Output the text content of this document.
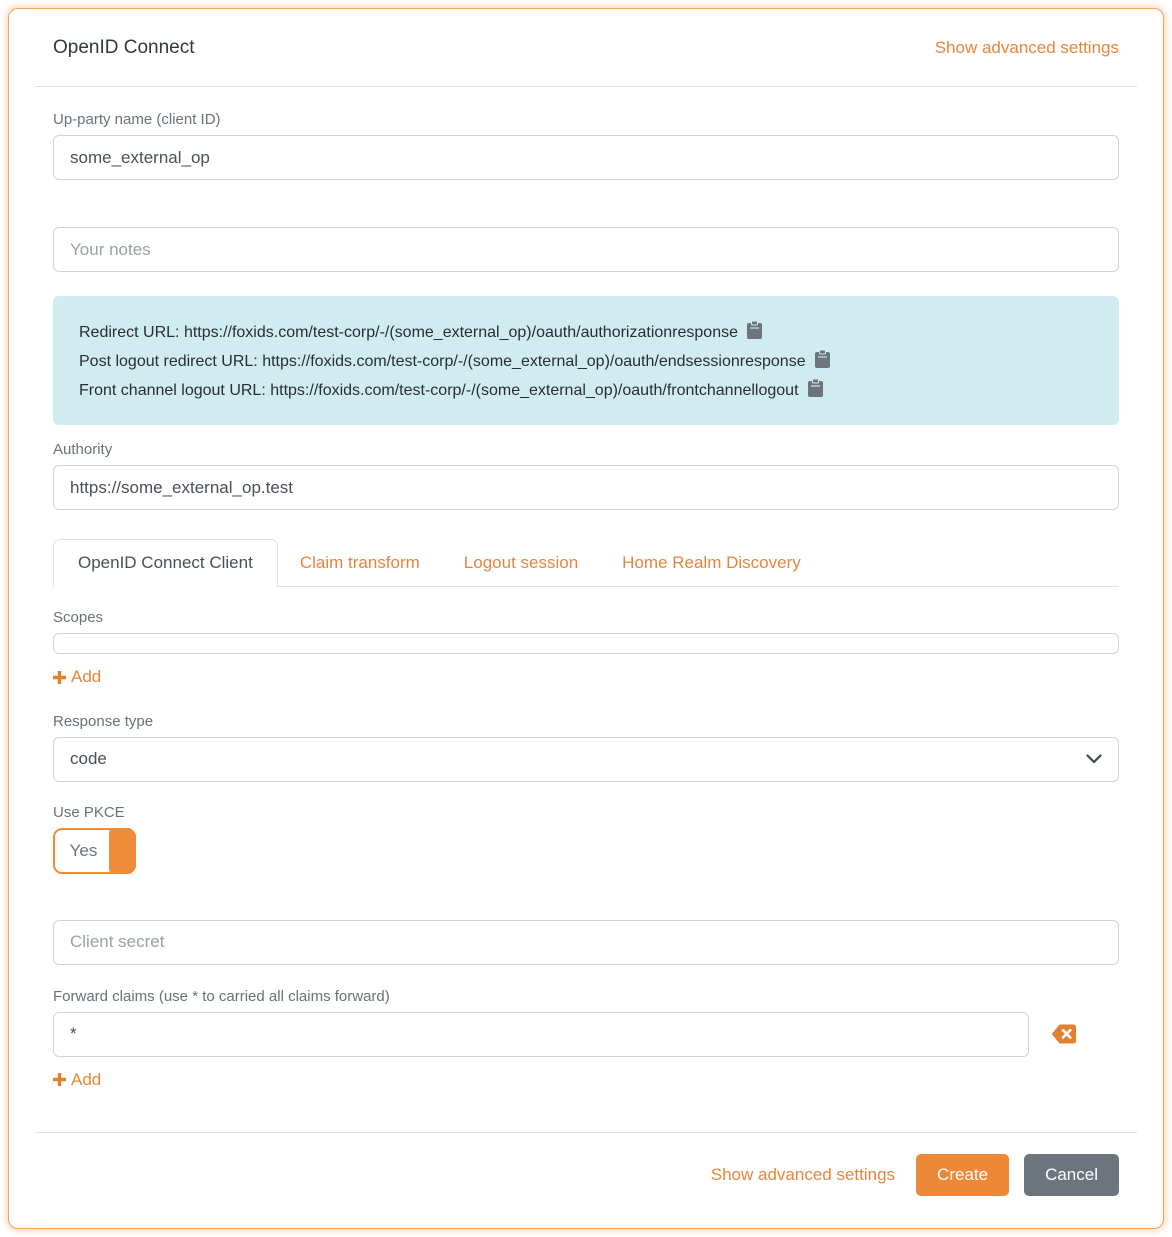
OpenID Connect	Show advanced settings
Up-party name (client ID)
some_external_op
Your notes
Redirect URL: https://foxids.com/test-corp/-/(some_external_op)/oauth/authorizationresponse
Post logout redirect URL: https://foxids.com/test-corp/-/(some_external_op)/oauth/endsessionresponse
Front channel logout URL: https://foxids.com/test-corp/-/(some_external_op)/oauth/frontchannellogout
Authority
https://some_external_op.test
OpenID Connect Client	Claim transform	Logout session	Home Realm Discovery
Scopes
Add
Response type
code
Use PKCE
Yes
Client secret
Forward claims (use * to carried all claims forward)
*
Add
Show advanced settings	Create	Cancel
